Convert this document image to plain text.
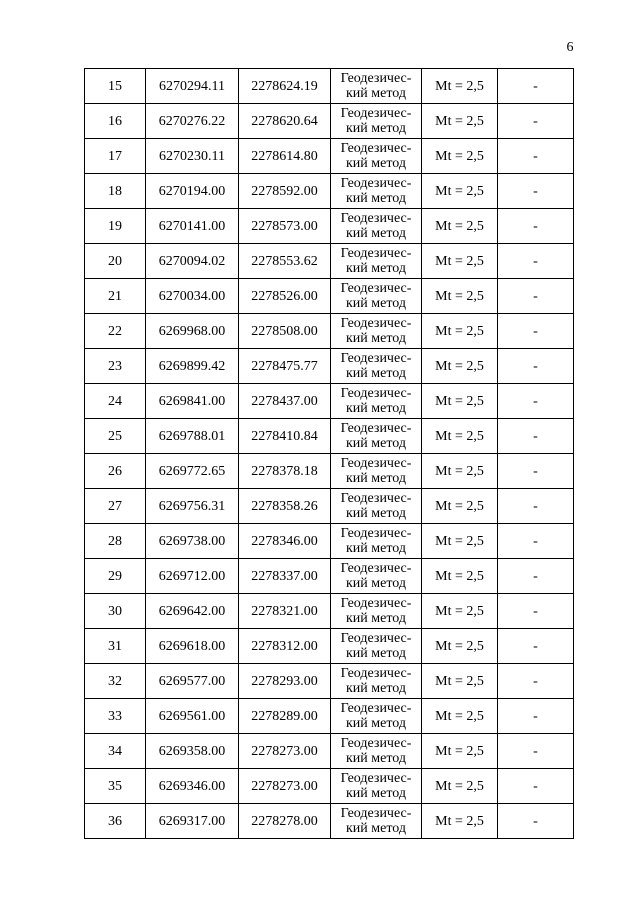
6
15	6270294.11	2278624.19	Геодезичес-
кий метод	Mt = 2,5	-
16	6270276.22	2278620.64	Геодезичес-
кий метод	Mt = 2,5	-
17	6270230.11	2278614.80	Геодезичес-
кий метод	Mt = 2,5	-
18	6270194.00	2278592.00	Геодезичес-
кий метод	Mt = 2,5	-
19	6270141.00	2278573.00	Геодезичес-
кий метод	Mt = 2,5	-
20	6270094.02	2278553.62	Геодезичес-
кий метод	Mt = 2,5	-
21	6270034.00	2278526.00	Геодезичес-
кий метод	Mt = 2,5	-
22	6269968.00	2278508.00	Геодезичес-
кий метод	Mt = 2,5	-
23	6269899.42	2278475.77	Геодезичес-
кий метод	Mt = 2,5	-
24	6269841.00	2278437.00	Геодезичес-
кий метод	Mt = 2,5	-
25	6269788.01	2278410.84	Геодезичес-
кий метод	Mt = 2,5	-
26	6269772.65	2278378.18	Геодезичес-
кий метод	Mt = 2,5	-
27	6269756.31	2278358.26	Геодезичес-
кий метод	Mt = 2,5	-
28	6269738.00	2278346.00	Геодезичес-
кий метод	Mt = 2,5	-
29	6269712.00	2278337.00	Геодезичес-
кий метод	Mt = 2,5	-
30	6269642.00	2278321.00	Геодезичес-
кий метод	Mt = 2,5	-
31	6269618.00	2278312.00	Геодезичес-
кий метод	Mt = 2,5	-
32	6269577.00	2278293.00	Геодезичес-
кий метод	Mt = 2,5	-
33	6269561.00	2278289.00	Геодезичес-
кий метод	Mt = 2,5	-
34	6269358.00	2278273.00	Геодезичес-
кий метод	Mt = 2,5	-
35	6269346.00	2278273.00	Геодезичес-
кий метод	Mt = 2,5	-
36	6269317.00	2278278.00	Геодезичес-
кий метод	Mt = 2,5	-
